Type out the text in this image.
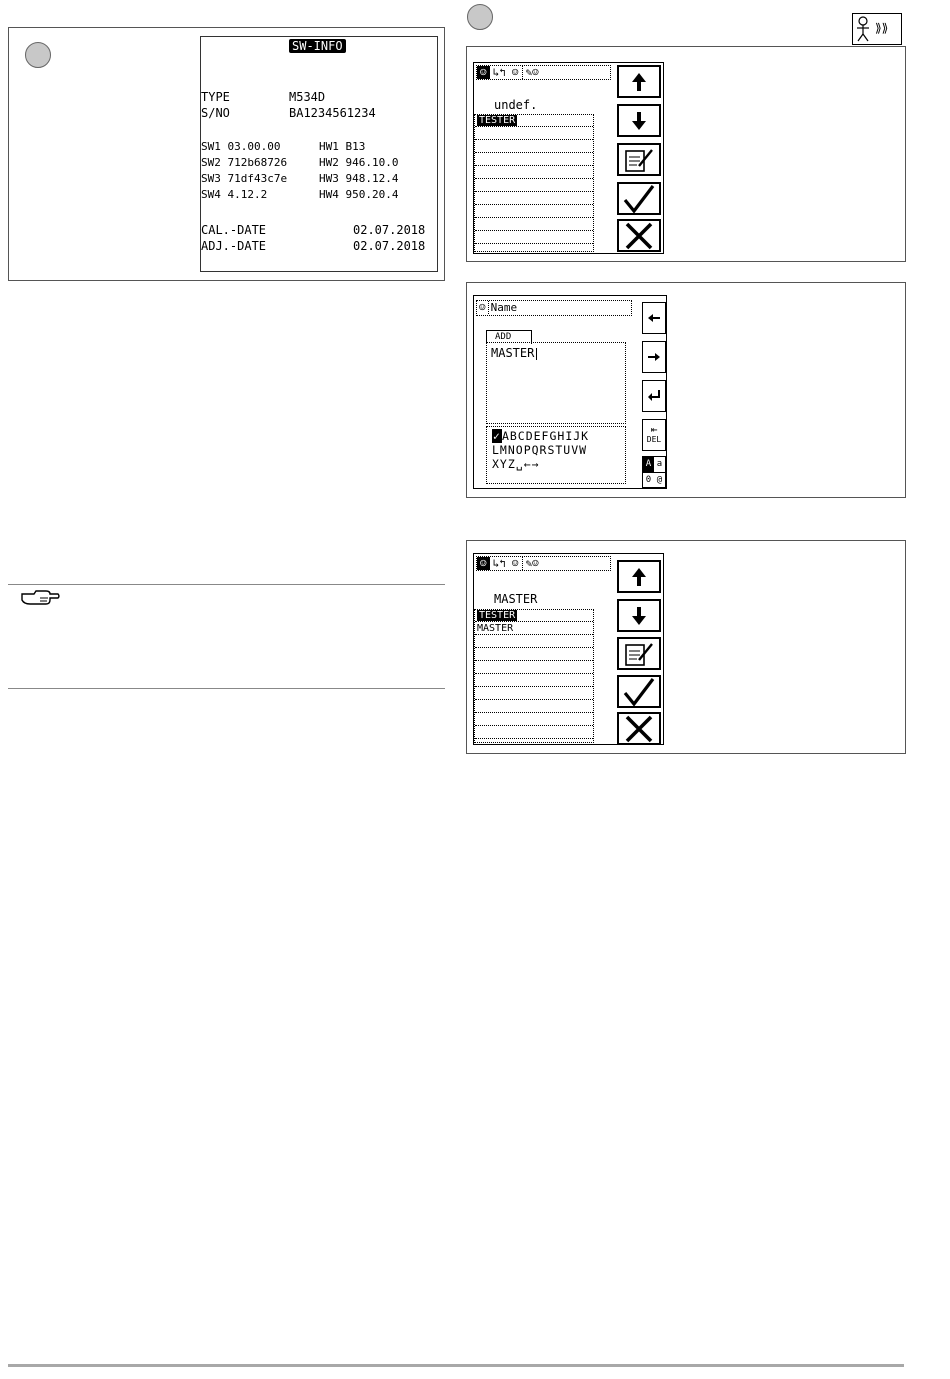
SW-INFO
TYPE	M534D
S/NO	BA1234561234
SW1 03.00.00	HW1 B13
SW2 712b68726	HW2 946.10.0
SW3 71df43c7e	HW3 948.12.4
SW4 4.12.2	HW4 950.20.4
CAL.-DATE	02.07.2018
ADJ.-DATE	02.07.2018
⟫⟫
☺ ↳↰ ☺ ✎☺
undef.
TESTER
☺ Name
ADD
MASTER
✓ABCDEFGHIJK
LMNOPQRSTUVW
XYZ␣←→
⇤
DEL
A a
0 @
☺ ↳↰ ☺ ✎☺
MASTER
TESTER
MASTER
